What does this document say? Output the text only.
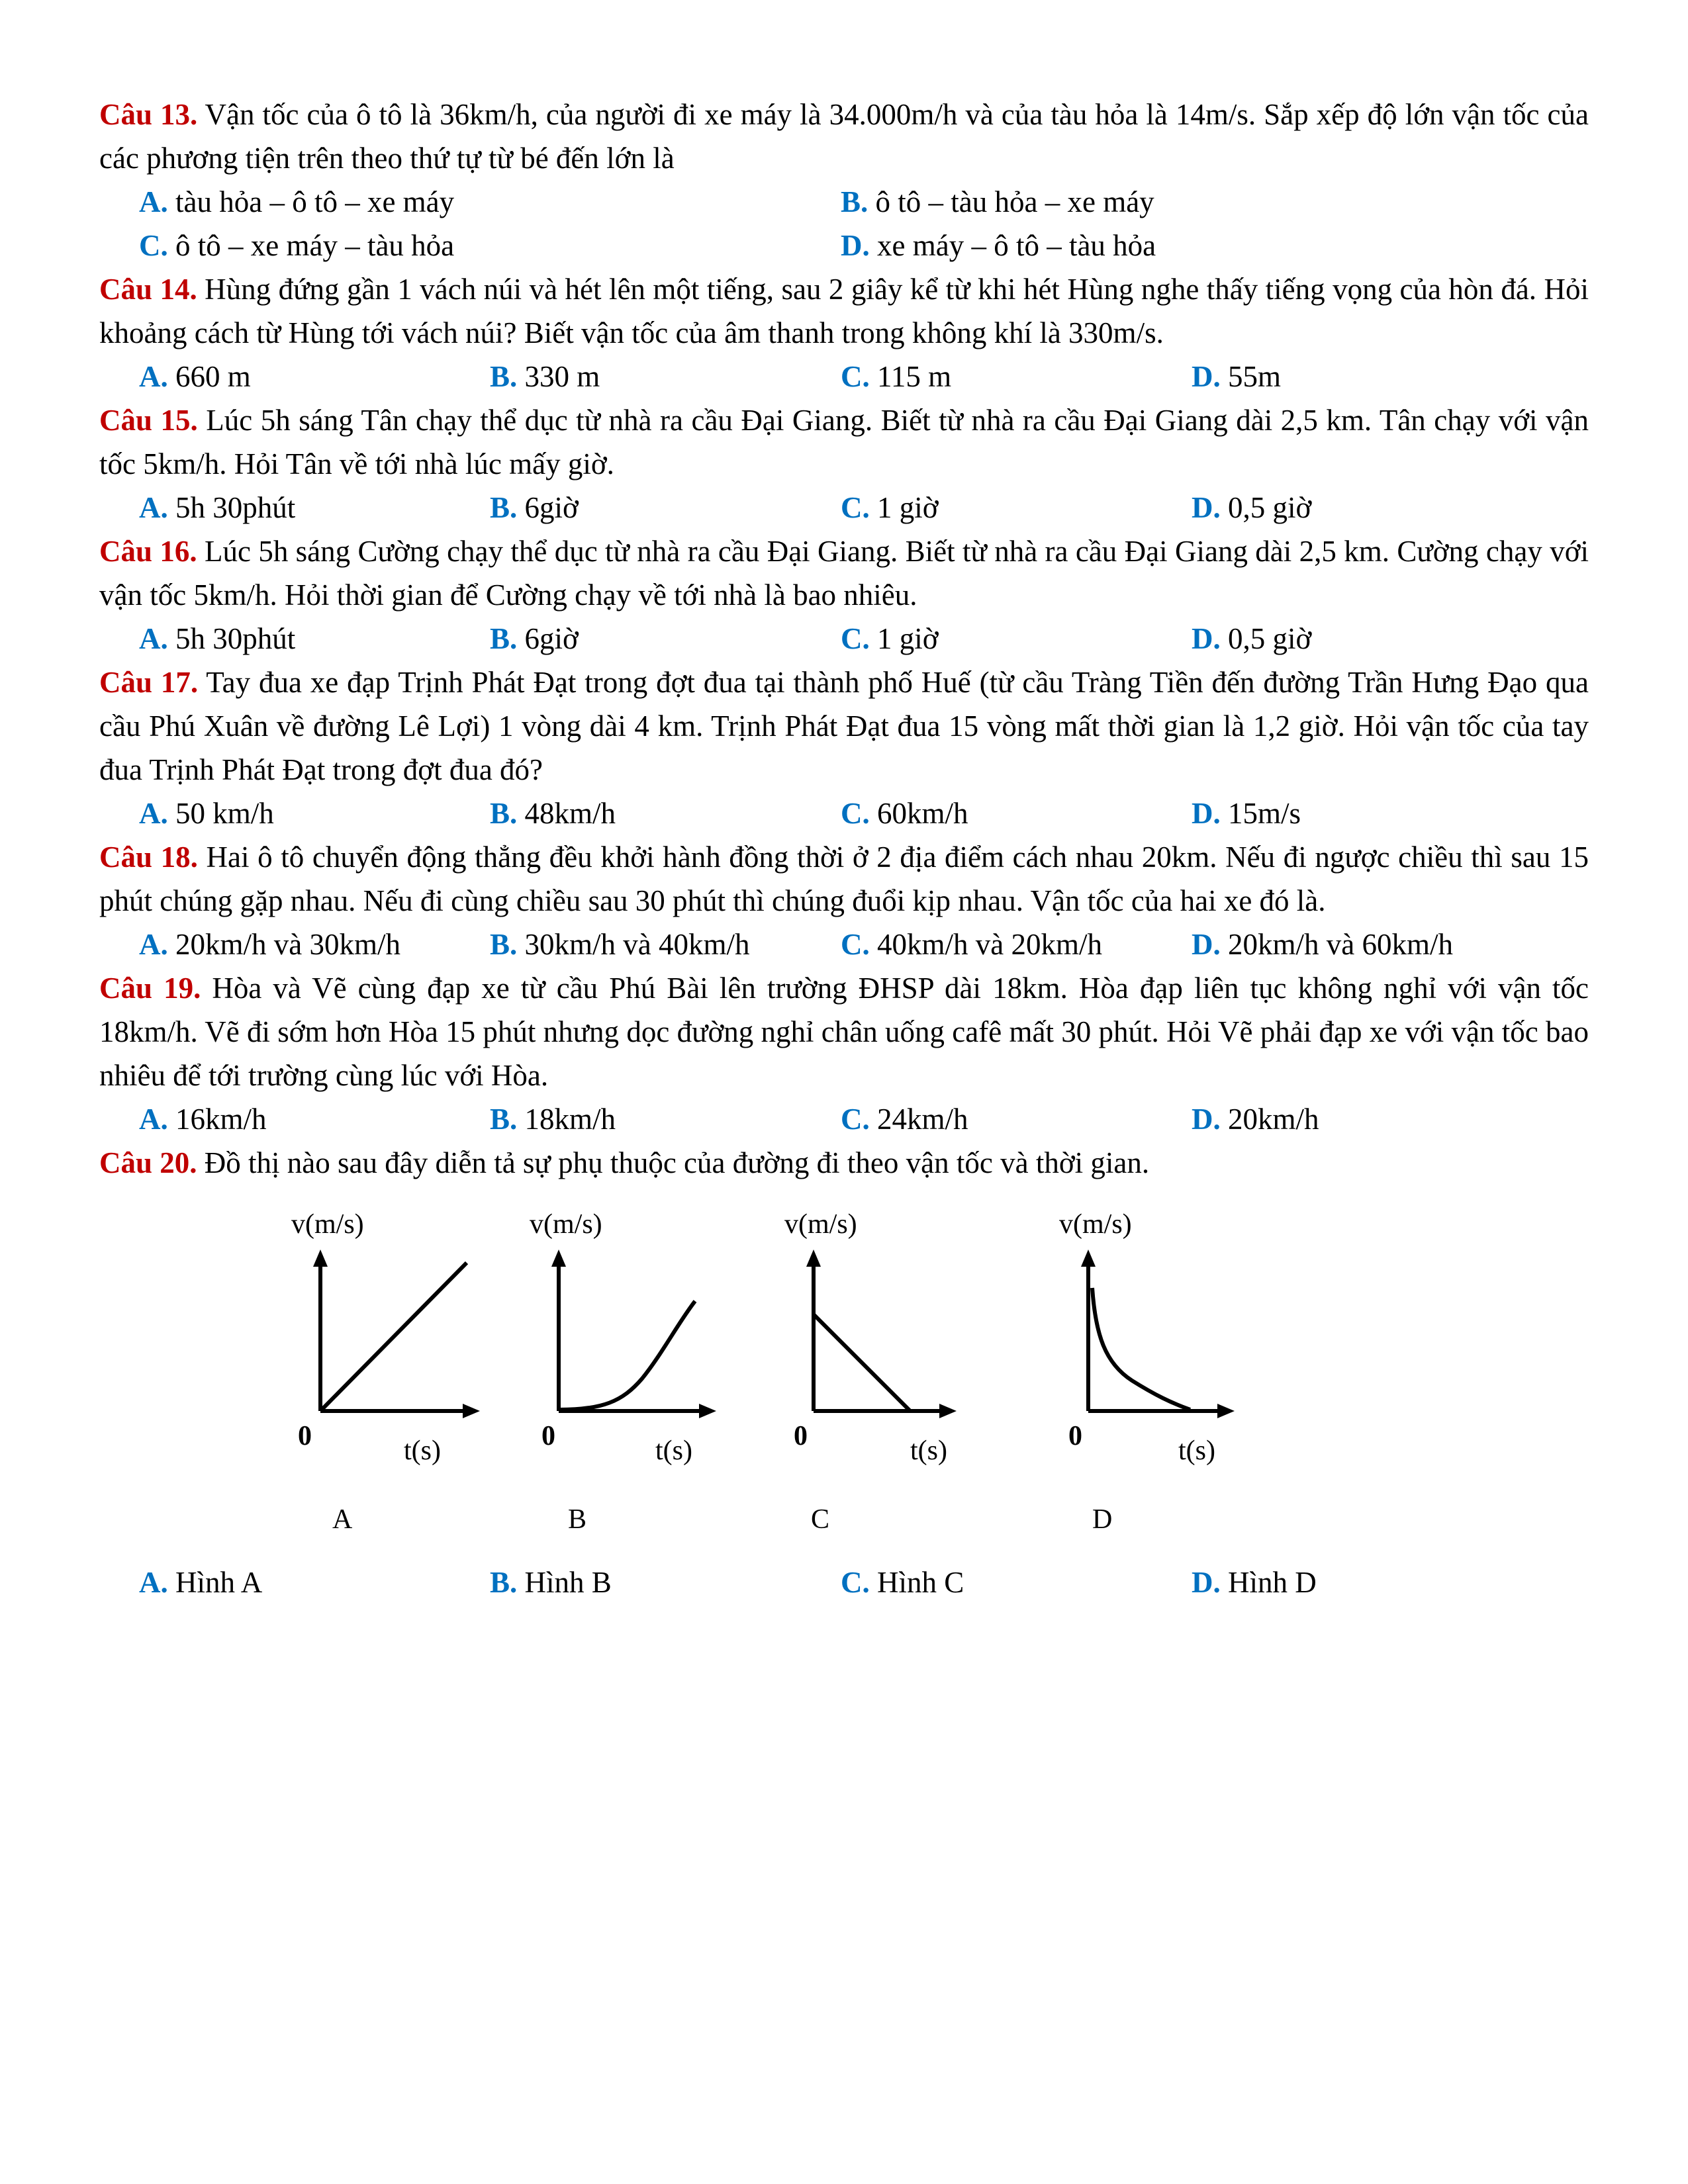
Câu 13. Vận tốc của ô tô là 36km/h, của người đi xe máy là 34.000m/h và của tàu hỏa là 14m/s. Sắp xếp độ lớn vận tốc của các phương tiện trên theo thứ tự từ bé đến lớn là

A. tàu hỏa – ô tô – xe máy	B. ô tô – tàu hỏa – xe máy
C. ô tô – xe máy – tàu hỏa	D. xe máy – ô tô – tàu hỏa

Câu 14. Hùng đứng gần 1 vách núi và hét lên một tiếng, sau 2 giây kể từ khi hét Hùng nghe thấy tiếng vọng của hòn đá. Hỏi khoảng cách từ Hùng tới vách núi? Biết vận tốc của âm thanh trong không khí là 330m/s.

A. 660 m	B. 330 m	C. 115 m	D. 55m

Câu 15. Lúc 5h sáng Tân chạy thể dục từ nhà ra cầu Đại Giang. Biết từ nhà ra cầu Đại Giang dài 2,5 km. Tân chạy với vận tốc 5km/h. Hỏi Tân về tới nhà lúc mấy giờ.

A. 5h 30phút	B. 6giờ	C. 1 giờ	D. 0,5 giờ

Câu 16. Lúc 5h sáng Cường chạy thể dục từ nhà ra cầu Đại Giang. Biết từ nhà ra cầu Đại Giang dài 2,5 km. Cường chạy với vận tốc 5km/h. Hỏi thời gian để Cường chạy về tới nhà là bao nhiêu.

A. 5h 30phút	B. 6giờ	C. 1 giờ	D. 0,5 giờ

Câu 17. Tay đua xe đạp Trịnh Phát Đạt trong đợt đua tại thành phố Huế (từ cầu Tràng Tiền đến đường Trần Hưng Đạo qua cầu Phú Xuân về đường Lê Lợi) 1 vòng dài 4 km. Trịnh Phát Đạt đua 15 vòng mất thời gian là 1,2 giờ. Hỏi vận tốc của tay đua Trịnh Phát Đạt trong đợt đua đó?

A. 50 km/h	B. 48km/h	C. 60km/h	D. 15m/s

Câu 18. Hai ô tô chuyển động thẳng đều khởi hành đồng thời ở 2 địa điểm cách nhau 20km. Nếu đi ngược chiều thì sau 15 phút chúng gặp nhau. Nếu đi cùng chiều sau 30 phút thì chúng đuổi kịp nhau. Vận tốc của hai xe đó là.

A. 20km/h và 30km/h	B. 30km/h và 40km/h	C. 40km/h và 20km/h	D. 20km/h và 60km/h

Câu 19. Hòa và Vẽ cùng đạp xe từ cầu Phú Bài lên trường ĐHSP dài 18km. Hòa đạp liên tục không nghỉ với vận tốc 18km/h. Vẽ đi sớm hơn Hòa 15 phút nhưng dọc đường nghỉ chân uống cafê mất 30 phút. Hỏi Vẽ phải đạp xe với vận tốc bao nhiêu để tới trường cùng lúc với Hòa.

A. 16km/h	B. 18km/h	C. 24km/h	D. 20km/h

Câu 20. Đồ thị nào sau đây diễn tả sự phụ thuộc của đường đi theo vận tốc và thời gian.

v(m/s)
0	t(s)
A
v(m/s)
0	t(s)
B
v(m/s)
0	t(s)
C
v(m/s)
0	t(s)
D
A. Hình A	B. Hình B	C. Hình C	D. Hình D
